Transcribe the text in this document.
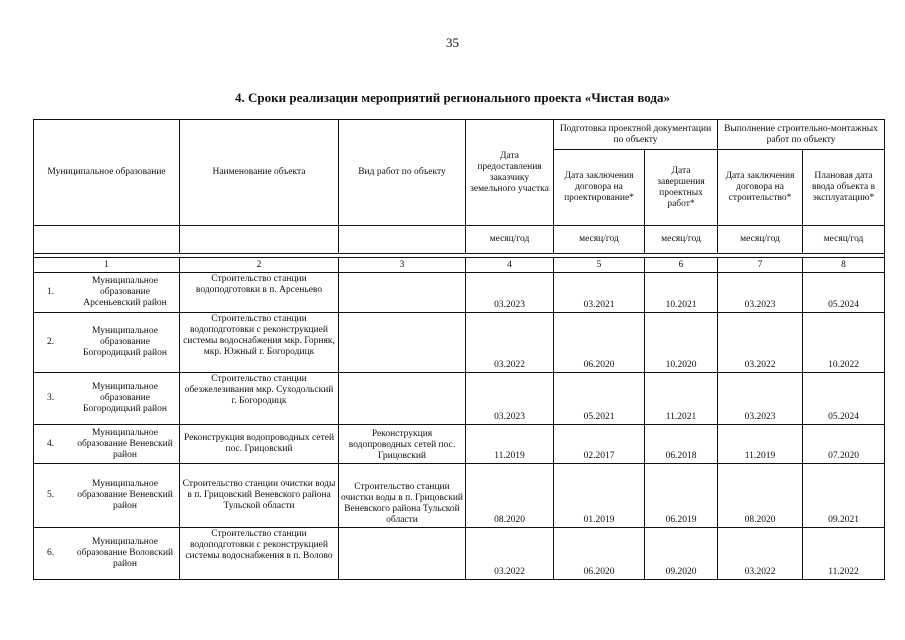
35
4. Сроки реализации мероприятий регионального проекта «Чистая вода»
Муниципальное образование	Наименование объекта	Вид работ по объекту	Дата предоставления заказчику земельного участка	Подготовка проектной документации по объекту		Выполнение строительно-монтажных работ по объекту	
				Дата заключения договора на проектирование*	Дата завершения проектных работ*	Дата заключения договора на строительство*	Плановая дата ввода объекта в эксплуатацию*
			месяц/год	месяц/год	месяц/год	месяц/год	месяц/год

1	2	3	4	5	6	7	8

1.
Муниципальное образование Арсеньевский район	Строительство станции водоподготовки в п. Арсеньево		03.2023	03.2021	10.2021	03.2023	05.2024

2.
Муниципальное образование Богородицкий район	Строительство станции водоподготовки с реконструкцией системы водоснабжения мкр. Горняк, мкр. Южный г. Богородицк		03.2022	06.2020	10.2020	03.2022	10.2022

3.
Муниципальное образование Богородицкий район	Строительство станции обезжелезивания мкр. Суходольский г. Богородицк		03.2023	05.2021	11.2021	03.2023	05.2024

4.
Муниципальное образование Веневский район	Реконструкция водопроводных сетей пос. Грицовский	Реконструкция водопроводных сетей пос. Грицовский	11.2019	02.2017	06.2018	11.2019	07.2020

5.
Муниципальное образование Веневский район	Строительство станции очистки воды в п. Грицовский Веневского района Тульской области	Строительство станции очистки воды в п. Грицовский Веневского района Тульской области	08.2020	01.2019	06.2019	08.2020	09.2021

6.
Муниципальное образование Воловский район	Строительство станции водоподготовки с реконструкцией системы водоснабжения в п. Волово		03.2022	06.2020	09.2020	03.2022	11.2022
